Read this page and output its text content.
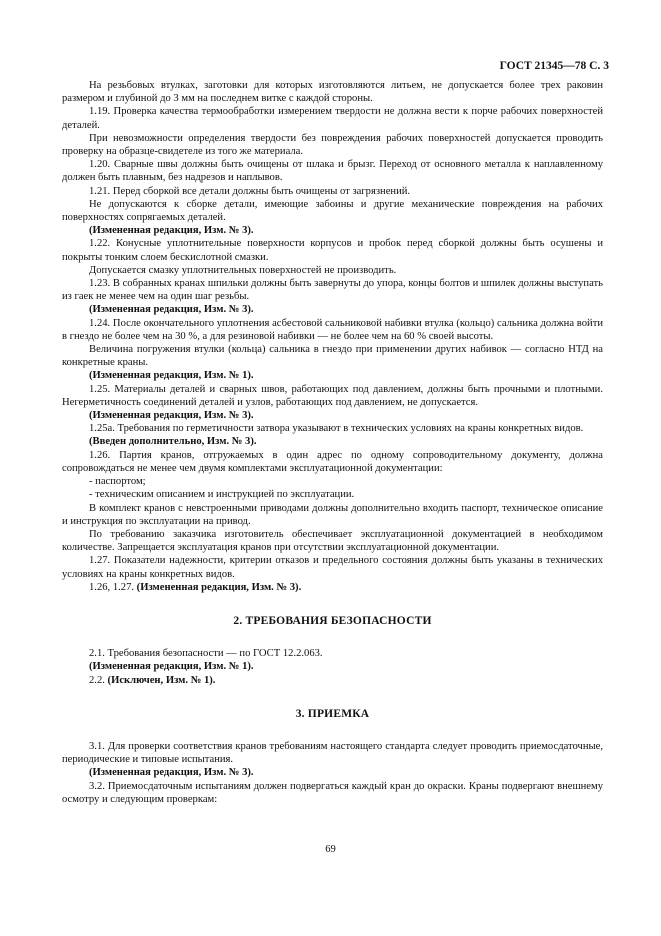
ГОСТ 21345—78 С. 3

На резьбовых втулках, заготовки для которых изготовляются литьем, не допускается более трех раковин размером и глубиной до 3 мм на последнем витке с каждой стороны.

1.19. Проверка качества термообработки измерением твердости не должна вести к порче рабочих поверхностей деталей.

При невозможности определения твердости без повреждения рабочих поверхностей допускается проводить проверку на образце-свидетеле из того же материала.

1.20. Сварные швы должны быть очищены от шлака и брызг. Переход от основного металла к наплавленному должен быть плавным, без надрезов и наплывов.

1.21. Перед сборкой все детали должны быть очищены от загрязнений.

Не допускаются к сборке детали, имеющие забоины и другие механические повреждения на рабочих поверхностях сопрягаемых деталей.

(Измененная редакция, Изм. № 3).

1.22. Конусные уплотнительные поверхности корпусов и пробок перед сборкой должны быть осушены и покрыты тонким слоем бескислотной смазки.

Допускается смазку уплотнительных поверхностей не производить.

1.23. В собранных кранах шпильки должны быть завернуты до упора, концы болтов и шпилек должны выступать из гаек не менее чем на один шаг резьбы.

(Измененная редакция, Изм. № 3).

1.24. После окончательного уплотнения асбестовой сальниковой набивки втулка (кольцо) сальника должна войти в гнездо не более чем на 30 %, а для резиновой набивки — не более чем на 60 % своей высоты.

Величина погружения втулки (кольца) сальника в гнездо при применении других набивок — согласно НТД на конкретные краны.

(Измененная редакция, Изм. № 1).

1.25. Материалы деталей и сварных швов, работающих под давлением, должны быть прочными и плотными. Негерметичность соединений деталей и узлов, работающих под давлением, не допускается.

(Измененная редакция, Изм. № 3).

1.25а. Требования по герметичности затвора указывают в технических условиях на краны конкретных видов.

(Введен дополнительно, Изм. № 3).

1.26. Партия кранов, отгружаемых в один адрес по одному сопроводительному документу, должна сопровождаться не менее чем двумя комплектами эксплуатационной документации:

- паспортом;

- техническим описанием и инструкцией по эксплуатации.

В комплект кранов с невстроенными приводами должны дополнительно входить паспорт, техническое описание и инструкция по эксплуатации на привод.

По требованию заказчика изготовитель обеспечивает эксплуатационной документацией в необходимом количестве. Запрещается эксплуатация кранов при отсутствии эксплуатационной документации.

1.27. Показатели надежности, критерии отказов и предельного состояния должны быть указаны в технических условиях на краны конкретных видов.

1.26, 1.27. (Измененная редакция, Изм. № 3).

2. ТРЕБОВАНИЯ БЕЗОПАСНОСТИ

2.1. Требования безопасности — по ГОСТ 12.2.063.

(Измененная редакция, Изм. № 1).

2.2. (Исключен, Изм. № 1).

3. ПРИЕМКА

3.1. Для проверки соответствия кранов требованиям настоящего стандарта следует проводить приемосдаточные, периодические и типовые испытания.

(Измененная редакция, Изм. № 3).

3.2. Приемосдаточным испытаниям должен подвергаться каждый кран до окраски. Краны подвергают внешнему осмотру и следующим проверкам:

69
